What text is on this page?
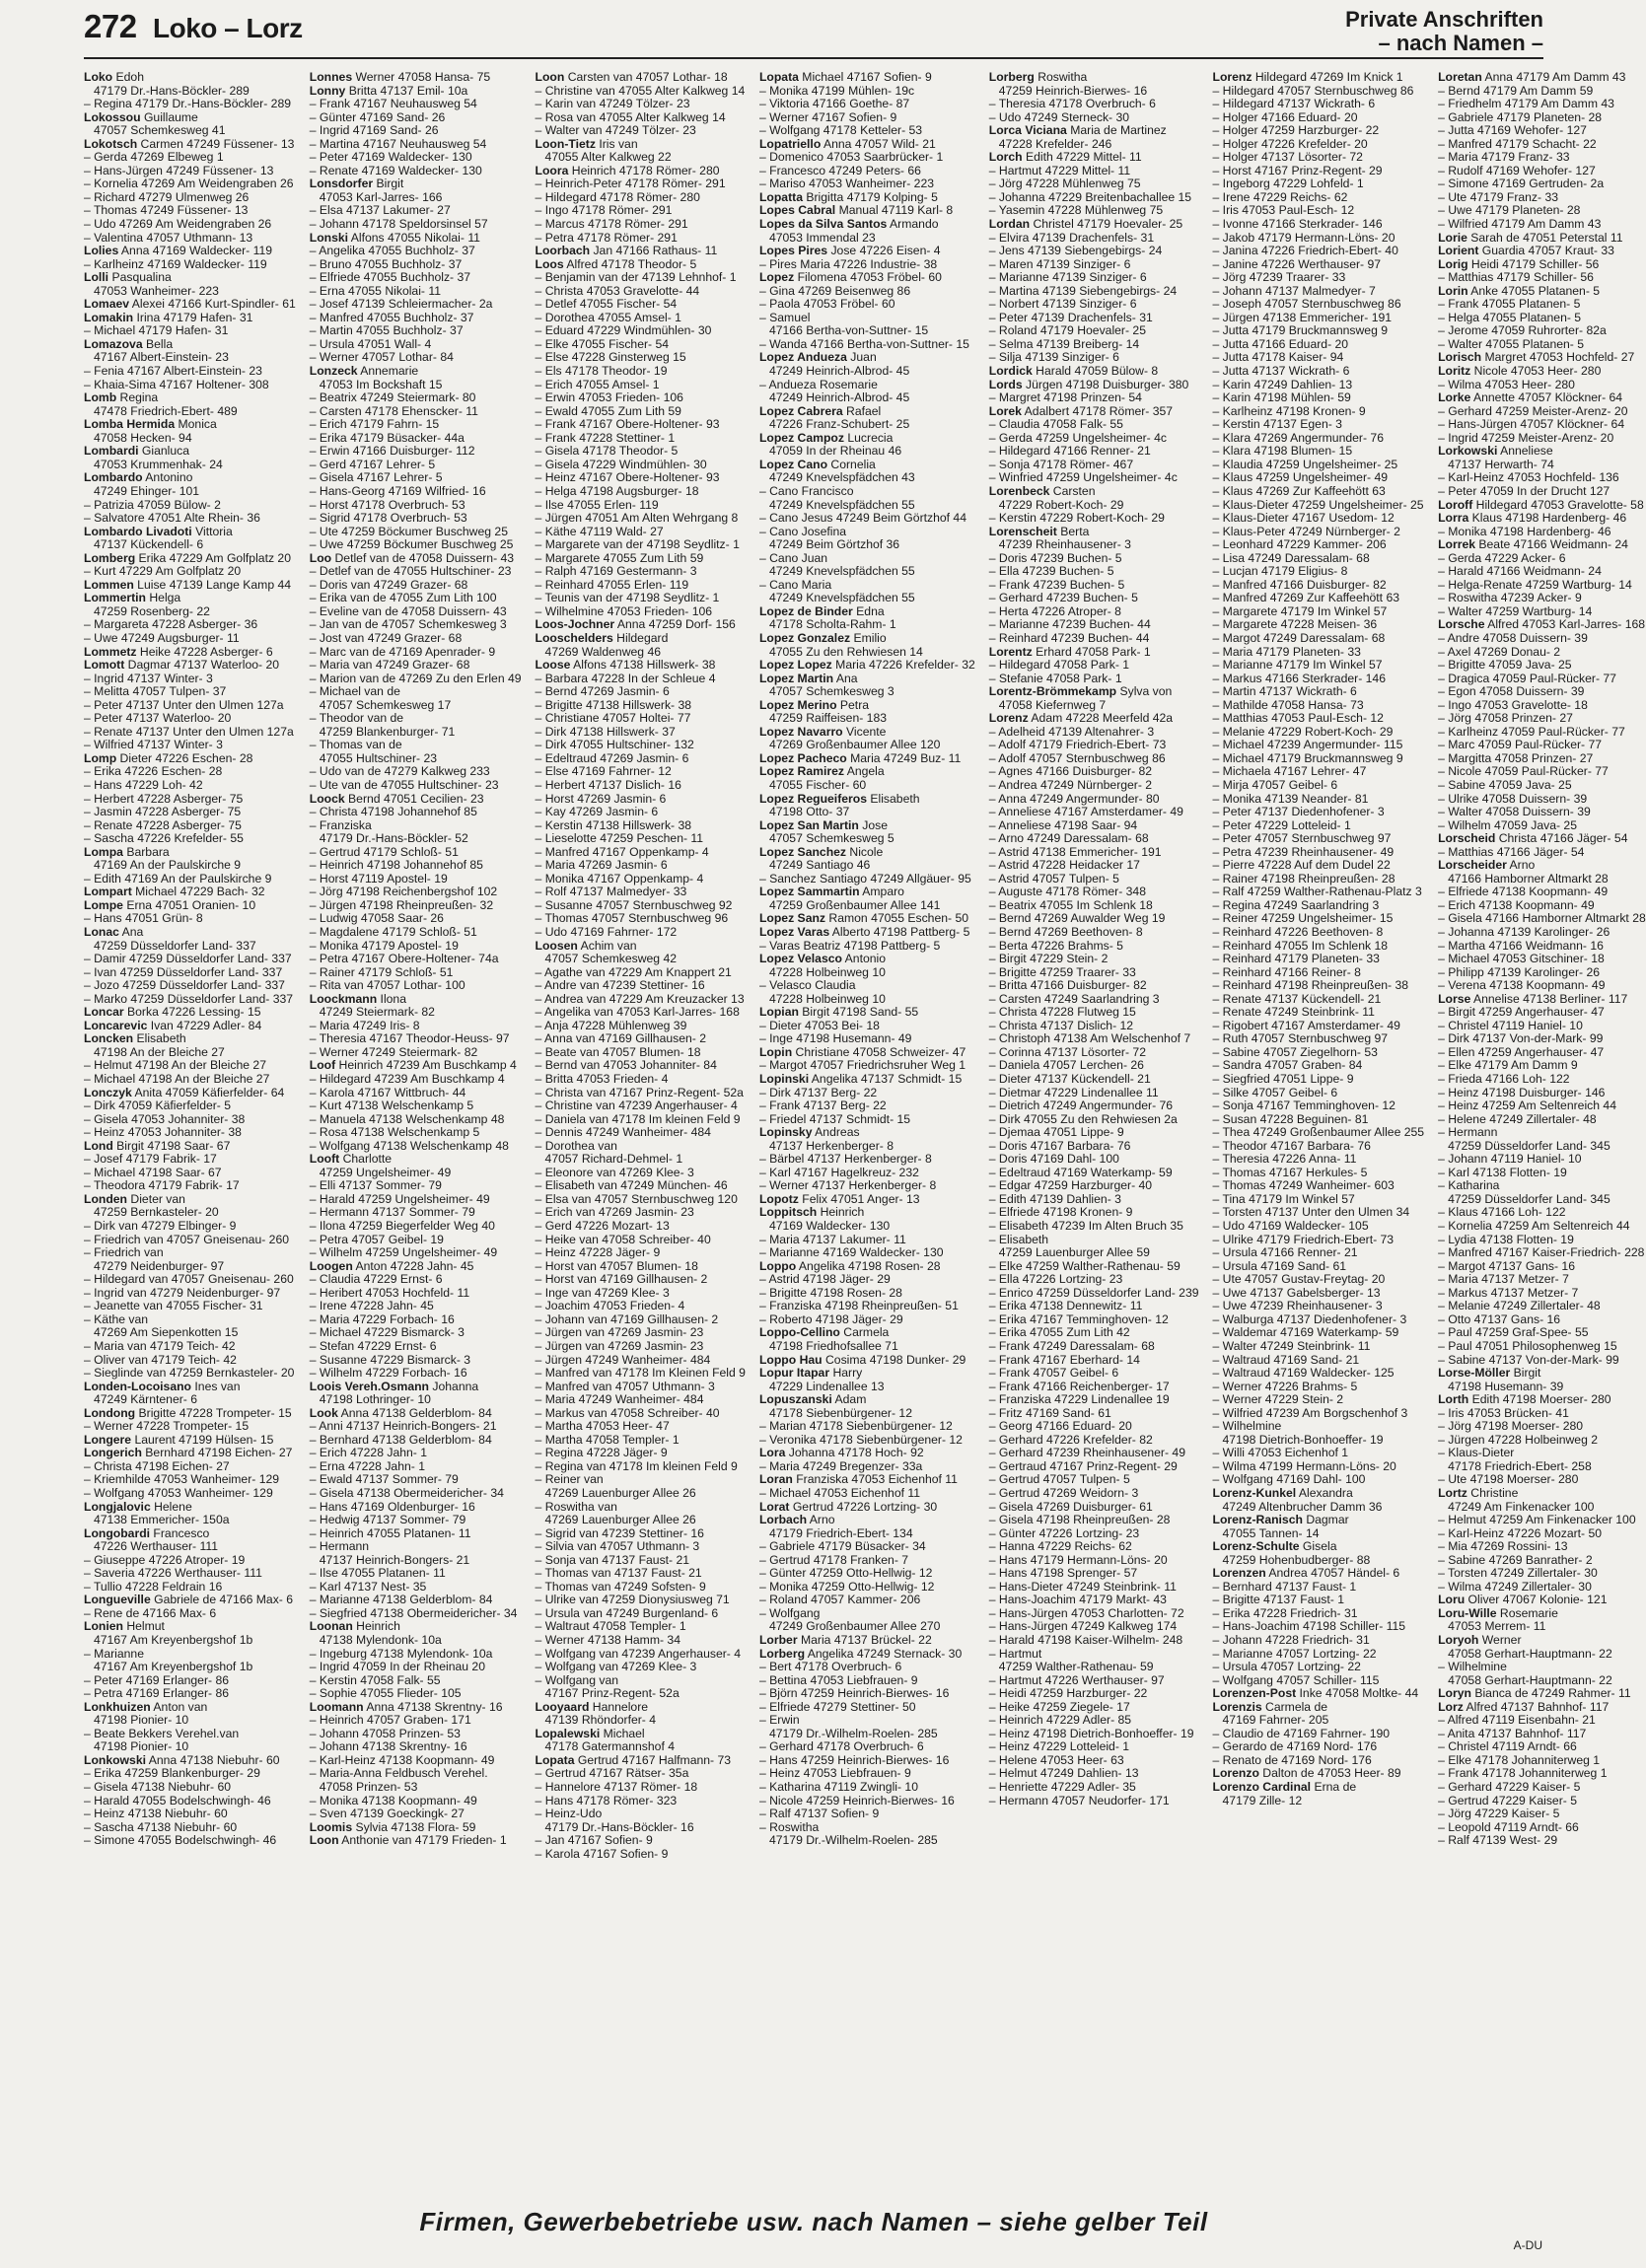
272 Loko – Lorz	Private Anschriften
– nach Namen –
Loko Edoh
47179 Dr.-Hans-Böckler- 289
– Regina 47179 Dr.-Hans-Böckler- 289
Lokossou Guillaume
47057 Schemkesweg 41
Lokotsch Carmen 47249 Füssener- 13
– Gerda 47269 Elbeweg 1
– Hans-Jürgen 47249 Füssener- 13
– Kornelia 47269 Am Weidengraben 26
– Richard 47279 Ulmenweg 26
– Thomas 47249 Füssener- 13
– Udo 47269 Am Weidengraben 26
– Valentina 47057 Uthmann- 13
Lolies Anna 47169 Waldecker- 119
– Karlheinz 47169 Waldecker- 119
Lolli Pasqualina
47053 Wanheimer- 223
Lomaev Alexei 47166 Kurt-Spindler- 61
Lomakin Irina 47179 Hafen- 31
– Michael 47179 Hafen- 31
Lomazova Bella
47167 Albert-Einstein- 23
– Fenia 47167 Albert-Einstein- 23
– Khaia-Sima 47167 Holtener- 308
Lomb Regina
47478 Friedrich-Ebert- 489
Lomba Hermida Monica
47058 Hecken- 94
Lombardi Gianluca
47053 Krummenhak- 24
Lombardo Antonino
47249 Ehinger- 101
– Patrizia 47059 Bülow- 2
– Salvatore 47051 Alte Rhein- 36
Lombardo Livadoti Vittoria
47137 Kückendell- 6
Lomberg Erika 47229 Am Golfplatz 20
– Kurt 47229 Am Golfplatz 20
Lommen Luise 47139 Lange Kamp 44
Lommertin Helga
47259 Rosenberg- 22
– Margareta 47228 Asberger- 36
– Uwe 47249 Augsburger- 11
Lommetz Heike 47228 Asberger- 6
Lomott Dagmar 47137 Waterloo- 20
– Ingrid 47137 Winter- 3
– Melitta 47057 Tulpen- 37
– Peter 47137 Unter den Ulmen 127a
– Peter 47137 Waterloo- 20
– Renate 47137 Unter den Ulmen 127a
– Wilfried 47137 Winter- 3
Lomp Dieter 47226 Eschen- 28
– Erika 47226 Eschen- 28
– Hans 47229 Loh- 42
– Herbert 47228 Asberger- 75
– Jasmin 47228 Asberger- 75
– Renate 47228 Asberger- 75
– Sascha 47226 Krefelder- 55
Lompa Barbara
47169 An der Paulskirche 9
– Edith 47169 An der Paulskirche 9
Lompart Michael 47229 Bach- 32
Lompe Erna 47051 Oranien- 10
– Hans 47051 Grün- 8
Lonac Ana
47259 Düsseldorfer Land- 337
– Damir 47259 Düsseldorfer Land- 337
– Ivan 47259 Düsseldorfer Land- 337
– Jozo 47259 Düsseldorfer Land- 337
– Marko 47259 Düsseldorfer Land- 337
Loncar Borka 47226 Lessing- 15
Loncarevic Ivan 47229 Adler- 84
Loncken Elisabeth
47198 An der Bleiche 27
– Helmut 47198 An der Bleiche 27
– Michael 47198 An der Bleiche 27
Lonczyk Anita 47059 Käfierfelder- 64
– Dirk 47059 Käfierfelder- 5
– Gisela 47053 Johanniter- 38
– Heinz 47053 Johanniter- 38
Lond Birgit 47198 Saar- 67
– Josef 47179 Fabrik- 17
– Michael 47198 Saar- 67
– Theodora 47179 Fabrik- 17
Londen Dieter van
47259 Bernkasteler- 20
– Dirk van 47279 Elbinger- 9
– Friedrich van 47057 Gneisenau- 260
– Friedrich van
47279 Neidenburger- 97
– Hildegard van 47057 Gneisenau- 260
– Ingrid van 47279 Neidenburger- 97
– Jeanette van 47055 Fischer- 31
– Käthe van
47269 Am Siepenkotten 15
– Maria van 47179 Teich- 42
– Oliver van 47179 Teich- 42
– Sieglinde van 47259 Bernkasteler- 20
Londen-Locoisano Ines van
47249 Kärntener- 6
Londong Brigitte 47228 Trompeter- 15
– Werner 47228 Trompeter- 15
Longere Laurent 47199 Hülsen- 15
Longerich Bernhard 47198 Eichen- 27
– Christa 47198 Eichen- 27
– Kriemhilde 47053 Wanheimer- 129
– Wolfgang 47053 Wanheimer- 129
Longjalovic Helene
47138 Emmericher- 150a
Longobardi Francesco
47226 Werthauser- 111
– Giuseppe 47226 Atroper- 19
– Saveria 47226 Werthauser- 111
– Tullio 47228 Feldrain 16
Longueville Gabriele de 47166 Max- 6
– Rene de 47166 Max- 6
Lonien Helmut
47167 Am Kreyenbergshof 1b
– Marianne
47167 Am Kreyenbergshof 1b
– Peter 47169 Erlanger- 86
– Petra 47169 Erlanger- 86
Lonkhuizen Anton van
47198 Pionier- 10
– Beate Bekkers Verehel.van
47198 Pionier- 10
Lonkowski Anna 47138 Niebuhr- 60
– Erika 47259 Blankenburger- 29
– Gisela 47138 Niebuhr- 60
– Harald 47055 Bodelschwingh- 46
– Heinz 47138 Niebuhr- 60
– Sascha 47138 Niebuhr- 60
– Simone 47055 Bodelschwingh- 46
Lonnes Werner 47058 Hansa- 75
Lonny Britta 47137 Emil- 10a
– Frank 47167 Neuhausweg 54
– Günter 47169 Sand- 26
– Ingrid 47169 Sand- 26
– Martina 47167 Neuhausweg 54
– Peter 47169 Waldecker- 130
– Renate 47169 Waldecker- 130
Lonsdorfer Birgit
47053 Karl-Jarres- 166
– Elsa 47137 Lakumer- 27
– Johann 47178 Speldorsinsel 57
Lonski Alfons 47055 Nikolai- 11
– Angelika 47055 Buchholz- 37
– Bruno 47055 Buchholz- 37
– Elfriede 47055 Buchholz- 37
– Erna 47055 Nikolai- 11
– Josef 47139 Schleiermacher- 2a
– Manfred 47055 Buchholz- 37
– Martin 47055 Buchholz- 37
– Ursula 47051 Wall- 4
– Werner 47057 Lothar- 84
Lonzeck Annemarie
47053 Im Bockshaft 15
– Beatrix 47249 Steiermark- 80
– Carsten 47178 Ehenscker- 11
– Erich 47179 Fahrn- 15
– Erika 47179 Büsacker- 44a
– Erwin 47166 Duisburger- 112
– Gerd 47167 Lehrer- 5
– Gisela 47167 Lehrer- 5
– Hans-Georg 47169 Wilfried- 16
– Horst 47178 Overbruch- 53
– Sigrid 47178 Overbruch- 53
– Ute 47259 Böckumer Buschweg 25
– Uwe 47259 Böckumer Buschweg 25
Loo Detlef van de 47058 Duissern- 43
– Detlef van de 47055 Hultschiner- 23
– Doris van 47249 Grazer- 68
– Erika van de 47055 Zum Lith 100
– Eveline van de 47058 Duissern- 43
– Jan van de 47057 Schemkesweg 3
– Jost van 47249 Grazer- 68
– Marc van de 47169 Apenrader- 9
– Maria van 47249 Grazer- 68
– Marion van de 47269 Zu den Erlen 49
– Michael van de
47057 Schemkesweg 17
– Theodor van de
47259 Blankenburger- 71
– Thomas van de
47055 Hultschiner- 23
– Udo van de 47279 Kalkweg 233
– Ute van de 47055 Hultschiner- 23
Loock Bernd 47051 Cecilien- 23
– Christa 47198 Johannehof 85
– Franziska
47179 Dr.-Hans-Böckler- 52
– Gertrud 47179 Schloß- 51
– Heinrich 47198 Johannehof 85
– Horst 47119 Apostel- 19
– Jörg 47198 Reichenbergshof 102
– Jürgen 47198 Rheinpreußen- 32
– Ludwig 47058 Saar- 26
– Magdalene 47179 Schloß- 51
– Monika 47179 Apostel- 19
– Petra 47167 Obere-Holtener- 74a
– Rainer 47179 Schloß- 51
– Rita van 47057 Lothar- 100
Loockmann Ilona
47249 Steiermark- 82
– Maria 47249 Iris- 8
– Theresia 47167 Theodor-Heuss- 97
– Werner 47249 Steiermark- 82
Loof Heinrich 47239 Am Buschkamp 4
– Hildegard 47239 Am Buschkamp 4
– Karola 47167 Wittbruch- 44
– Kurt 47138 Welschenkamp 5
– Manuela 47138 Welschenkamp 48
– Rosa 47138 Welschenkamp 5
– Wolfgang 47138 Welschenkamp 48
Looft Charlotte
47259 Ungelsheimer- 49
– Elli 47137 Sommer- 79
– Harald 47259 Ungelsheimer- 49
– Hermann 47137 Sommer- 79
– Ilona 47259 Biegerfelder Weg 40
– Petra 47057 Geibel- 19
– Wilhelm 47259 Ungelsheimer- 49
Loogen Anton 47228 Jahn- 45
– Claudia 47229 Ernst- 6
– Heribert 47053 Hochfeld- 11
– Irene 47228 Jahn- 45
– Maria 47229 Forbach- 16
– Michael 47229 Bismarck- 3
– Stefan 47229 Ernst- 6
– Susanne 47229 Bismarck- 3
– Wilhelm 47229 Forbach- 16
Loois Vereh.Osmann Johanna
47198 Lothringer- 10
Look Anna 47138 Gelderblom- 84
– Anni 47137 Heinrich-Bongers- 21
– Bernhard 47138 Gelderblom- 84
– Erich 47228 Jahn- 1
– Erna 47228 Jahn- 1
– Ewald 47137 Sommer- 79
– Gisela 47138 Obermeidericher- 34
– Hans 47169 Oldenburger- 16
– Hedwig 47137 Sommer- 79
– Heinrich 47055 Platanen- 11
– Hermann
47137 Heinrich-Bongers- 21
– Ilse 47055 Platanen- 11
– Karl 47137 Nest- 35
– Marianne 47138 Gelderblom- 84
– Siegfried 47138 Obermeidericher- 34
Loonan Heinrich
47138 Mylendonk- 10a
– Ingeburg 47138 Mylendonk- 10a
– Ingrid 47059 In der Rheinau 20
– Kerstin 47058 Falk- 55
– Sophie 47055 Flieder- 105
Loomann Anna 47138 Skrentny- 16
– Heinrich 47057 Graben- 171
– Johann 47058 Prinzen- 53
– Johann 47138 Skrentny- 16
– Karl-Heinz 47138 Koopmann- 49
– Maria-Anna Feldbusch Verehel.
47058 Prinzen- 53
– Monika 47138 Koopmann- 49
– Sven 47139 Goeckingk- 27
Loomis Sylvia 47138 Flora- 59
Loon Anthonie van 47179 Frieden- 1
Loon Carsten van 47057 Lothar- 18
– Christine van 47055 Alter Kalkweg 14
– Karin van 47249 Tölzer- 23
– Rosa van 47055 Alter Kalkweg 14
– Walter van 47249 Tölzer- 23
Loon-Tietz Iris van
47055 Alter Kalkweg 22
Loora Heinrich 47178 Römer- 280
– Heinrich-Peter 47178 Römer- 291
– Hildegard 47178 Römer- 280
– Ingo 47178 Römer- 291
– Marcus 47178 Römer- 291
– Petra 47178 Römer- 291
Loorbach Jan 47166 Rathaus- 11
Loos Alfred 47178 Theodor- 5
– Benjamin van der 47139 Lehnhof- 1
– Christa 47053 Gravelotte- 44
– Detlef 47055 Fischer- 54
– Dorothea 47055 Amsel- 1
– Eduard 47229 Windmühlen- 30
– Elke 47055 Fischer- 54
– Else 47228 Ginsterweg 15
– Els 47178 Theodor- 19
– Erich 47055 Amsel- 1
– Erwin 47053 Frieden- 106
– Ewald 47055 Zum Lith 59
– Frank 47167 Obere-Holtener- 93
– Frank 47228 Stettiner- 1
– Gisela 47178 Theodor- 5
– Gisela 47229 Windmühlen- 30
– Heinz 47167 Obere-Holtener- 93
– Helga 47198 Augsburger- 18
– Ilse 47055 Erlen- 119
– Jürgen 47051 Am Alten Wehrgang 8
– Käthe 47119 Wald- 27
– Margarete van der 47198 Seydlitz- 1
– Margarete 47055 Zum Lith 59
– Ralph 47169 Gestermann- 3
– Reinhard 47055 Erlen- 119
– Teunis van der 47198 Seydlitz- 1
– Wilhelmine 47053 Frieden- 106
Loos-Jochner Anna 47259 Dorf- 156
Looschelders Hildegard
47269 Waldenweg 46
Loose Alfons 47138 Hillswerk- 38
– Barbara 47228 In der Schleue 4
– Bernd 47269 Jasmin- 6
– Brigitte 47138 Hillswerk- 38
– Christiane 47057 Holtei- 77
– Dirk 47138 Hillswerk- 37
– Dirk 47055 Hultschiner- 132
– Edeltraud 47269 Jasmin- 6
– Else 47169 Fahrner- 12
– Herbert 47137 Dislich- 16
– Horst 47269 Jasmin- 6
– Kay 47269 Jasmin- 6
– Kerstin 47138 Hillswerk- 38
– Lieselotte 47259 Peschen- 11
– Manfred 47167 Oppenkamp- 4
– Maria 47269 Jasmin- 6
– Monika 47167 Oppenkamp- 4
– Rolf 47137 Malmedyer- 33
– Susanne 47057 Sternbuschweg 92
– Thomas 47057 Sternbuschweg 96
– Udo 47169 Fahrner- 172
Loosen Achim van
47057 Schemkesweg 42
– Agathe van 47229 Am Knappert 21
– Andre van 47239 Stettiner- 16
– Andrea van 47229 Am Kreuzacker 13
– Angelika van 47053 Karl-Jarres- 168
– Anja 47228 Mühlenweg 39
– Anna van 47169 Gillhausen- 2
– Beate van 47057 Blumen- 18
– Bernd van 47053 Johanniter- 84
– Britta 47053 Frieden- 4
– Christa van 47167 Prinz-Regent- 52a
– Christine van 47239 Angerhauser- 4
– Daniela van 47178 Im kleinen Feld 9
– Dennis 47249 Wanheimer- 484
– Dorothea van
47057 Richard-Dehmel- 1
– Eleonore van 47269 Klee- 3
– Elisabeth van 47249 München- 46
– Elsa van 47057 Sternbuschweg 120
– Erich van 47269 Jasmin- 23
– Gerd 47226 Mozart- 13
– Heike van 47058 Schreiber- 40
– Heinz 47228 Jäger- 9
– Horst van 47057 Blumen- 18
– Horst van 47169 Gillhausen- 2
– Inge van 47269 Klee- 3
– Joachim 47053 Frieden- 4
– Johann van 47169 Gillhausen- 2
– Jürgen van 47269 Jasmin- 23
– Jürgen van 47269 Jasmin- 23
– Jürgen 47249 Wanheimer- 484
– Manfred van 47178 Im Kleinen Feld 9
– Manfred van 47057 Uthmann- 3
– Maria 47249 Wanheimer- 484
– Markus van 47058 Schreiber- 40
– Martha 47053 Heer- 47
– Martha 47058 Templer- 1
– Regina 47228 Jäger- 9
– Regina van 47178 Im kleinen Feld 9
– Reiner van
47269 Lauenburger Allee 26
– Roswitha van
47269 Lauenburger Allee 26
– Sigrid van 47239 Stettiner- 16
– Silvia van 47057 Uthmann- 3
– Sonja van 47137 Faust- 21
– Thomas van 47137 Faust- 21
– Thomas van 47249 Sofsten- 9
– Ulrike van 47259 Dionysiusweg 71
– Ursula van 47249 Burgenland- 6
– Waltraut 47058 Templer- 1
– Werner 47138 Hamm- 34
– Wolfgang van 47239 Angerhauser- 4
– Wolfgang van 47269 Klee- 3
– Wolfgang van
47167 Prinz-Regent- 52a
Looyaard Hannelore
47139 Rhöndorfer- 4
Lopalewski Michael
47178 Gatermannshof 4
Lopata Gertrud 47167 Halfmann- 73
– Gertrud 47167 Rätser- 35a
– Hannelore 47137 Römer- 18
– Hans 47178 Römer- 323
– Heinz-Udo
47179 Dr.-Hans-Böckler- 16
– Jan 47167 Sofien- 9
– Karola 47167 Sofien- 9
Lopata Michael 47167 Sofien- 9
– Monika 47199 Mühlen- 19c
– Viktoria 47166 Goethe- 87
– Werner 47167 Sofien- 9
– Wolfgang 47178 Ketteler- 53
Lopatriello Anna 47057 Wild- 21
– Domenico 47053 Saarbrücker- 1
– Francesco 47249 Peters- 66
– Mariso 47053 Wanheimer- 223
Lopatta Brigitta 47179 Kolping- 5
Lopes Cabral Manual 47119 Karl- 8
Lopes da Silva Santos Armando
47053 Immendal 23
Lopes Pires Jose 47226 Eisen- 4
– Pires Maria 47226 Industrie- 38
Lopez Filomena 47053 Fröbel- 60
– Gina 47269 Beisenweg 86
– Paola 47053 Fröbel- 60
– Samuel
47166 Bertha-von-Suttner- 15
– Wanda 47166 Bertha-von-Suttner- 15
Lopez Andueza Juan
47249 Heinrich-Albrod- 45
– Andueza Rosemarie
47249 Heinrich-Albrod- 45
Lopez Cabrera Rafael
47226 Franz-Schubert- 25
Lopez Campoz Lucrecia
47059 In der Rheinau 46
Lopez Cano Cornelia
47249 Knevelspfädchen 43
– Cano Francisco
47249 Knevelspfädchen 55
– Cano Jesus 47249 Beim Görtzhof 44
– Cano Josefina
47249 Beim Görtzhof 36
– Cano Juan
47249 Knevelspfädchen 55
– Cano Maria
47249 Knevelspfädchen 55
Lopez de Binder Edna
47178 Scholta-Rahm- 1
Lopez Gonzalez Emilio
47055 Zu den Rehwiesen 14
Lopez Lopez Maria 47226 Krefelder- 32
Lopez Martin Ana
47057 Schemkesweg 3
Lopez Merino Petra
47259 Raiffeisen- 183
Lopez Navarro Vicente
47269 Großenbaumer Allee 120
Lopez Pacheco Maria 47249 Buz- 11
Lopez Ramirez Angela
47055 Fischer- 60
Lopez Regueiferos Elisabeth
47198 Otto- 37
Lopez San Martin Jose
47057 Schemkesweg 5
Lopez Sanchez Nicole
47249 Santiago 46
– Sanchez Santiago 47249 Allgäuer- 95
Lopez Sammartin Amparo
47259 Großenbaumer Allee 141
Lopez Sanz Ramon 47055 Eschen- 50
Lopez Varas Alberto 47198 Pattberg- 5
– Varas Beatriz 47198 Pattberg- 5
Lopez Velasco Antonio
47228 Holbeinweg 10
– Velasco Claudia
47228 Holbeinweg 10
Lopian Birgit 47198 Sand- 55
– Dieter 47053 Bei- 18
– Inge 47198 Husemann- 49
Lopin Christiane 47058 Schweizer- 47
– Margot 47057 Friedrichsruher Weg 1
Lopinski Angelika 47137 Schmidt- 15
– Dirk 47137 Berg- 22
– Frank 47137 Berg- 22
– Friedel 47137 Schmidt- 15
Lopinsky Andreas
47137 Herkenberger- 8
– Bärbel 47137 Herkenberger- 8
– Karl 47167 Hagelkreuz- 232
– Werner 47137 Herkenberger- 8
Lopotz Felix 47051 Anger- 13
Loppitsch Heinrich
47169 Waldecker- 130
– Maria 47137 Lakumer- 11
– Marianne 47169 Waldecker- 130
Loppo Angelika 47198 Rosen- 28
– Astrid 47198 Jäger- 29
– Brigitte 47198 Rosen- 28
– Franziska 47198 Rheinpreußen- 51
– Roberto 47198 Jäger- 29
Loppo-Cellino Carmela
47198 Friedhofsallee 71
Loppo Hau Cosima 47198 Dunker- 29
Lopur Itapar Harry
47229 Lindenallee 13
Lopuszanski Adam
47178 Siebenbürgener- 12
– Marian 47178 Siebenbürgener- 12
– Veronika 47178 Siebenbürgener- 12
Lora Johanna 47178 Hoch- 92
– Maria 47249 Bregenzer- 33a
Loran Franziska 47053 Eichenhof 11
– Michael 47053 Eichenhof 11
Lorat Gertrud 47226 Lortzing- 30
Lorbach Arno
47179 Friedrich-Ebert- 134
– Gabriele 47179 Büsacker- 34
– Gertrud 47178 Franken- 7
– Günter 47259 Otto-Hellwig- 12
– Monika 47259 Otto-Hellwig- 12
– Roland 47057 Kammer- 206
– Wolfgang
47249 Großenbaumer Allee 270
Lorber Maria 47137 Brückel- 22
Lorberg Angelika 47249 Sternack- 30
– Bert 47178 Overbruch- 6
– Bettina 47053 Liebfrauen- 9
– Björn 47259 Heinrich-Bierwes- 16
– Elfriede 47279 Stettiner- 50
– Erwin
47179 Dr.-Wilhelm-Roelen- 285
– Gerhard 47178 Overbruch- 6
– Hans 47259 Heinrich-Bierwes- 16
– Heinz 47053 Liebfrauen- 9
– Katharina 47119 Zwingli- 10
– Nicole 47259 Heinrich-Bierwes- 16
– Ralf 47137 Sofien- 9
– Roswitha
47179 Dr.-Wilhelm-Roelen- 285
Lorberg Roswitha
47259 Heinrich-Bierwes- 16
– Theresia 47178 Overbruch- 6
– Udo 47249 Sterneck- 30
Lorca Viciana Maria de Martinez
47228 Krefelder- 246
Lorch Edith 47229 Mittel- 11
– Hartmut 47229 Mittel- 11
– Jörg 47228 Mühlenweg 75
– Johanna 47229 Breitenbachallee 15
– Yasemin 47228 Mühlenweg 75
Lordan Christel 47179 Hoevaler- 25
– Elvira 47139 Drachenfels- 31
– Jens 47139 Siebengebirgs- 24
– Maren 47139 Sinziger- 6
– Marianne 47139 Sinziger- 6
– Martina 47139 Siebengebirgs- 24
– Norbert 47139 Sinziger- 6
– Peter 47139 Drachenfels- 31
– Roland 47179 Hoevaler- 25
– Selma 47139 Breiberg- 14
– Silja 47139 Sinziger- 6
Lordick Harald 47059 Bülow- 8
Lords Jürgen 47198 Duisburger- 380
– Margret 47198 Prinzen- 54
Lorek Adalbert 47178 Römer- 357
– Claudia 47058 Falk- 55
– Gerda 47259 Ungelsheimer- 4c
– Hildegard 47166 Renner- 21
– Sonja 47178 Römer- 467
– Winfried 47259 Ungelsheimer- 4c
Lorenbeck Carsten
47229 Robert-Koch- 29
– Kerstin 47229 Robert-Koch- 29
Lorenscheit Berta
47239 Rheinhausener- 3
– Doris 47239 Buchen- 5
– Ella 47239 Buchen- 5
– Frank 47239 Buchen- 5
– Gerhard 47239 Buchen- 5
– Herta 47226 Atroper- 8
– Marianne 47239 Buchen- 44
– Reinhard 47239 Buchen- 44
Lorentz Erhard 47058 Park- 1
– Hildegard 47058 Park- 1
– Stefanie 47058 Park- 1
Lorentz-Brömmekamp Sylva von
47058 Kiefernweg 7
Lorenz Adam 47228 Meerfeld 42a
– Adelheid 47139 Altenahrer- 3
– Adolf 47179 Friedrich-Ebert- 73
– Adolf 47057 Sternbuschweg 86
– Agnes 47166 Duisburger- 82
– Andrea 47249 Nürnberger- 2
– Anna 47249 Angermunder- 80
– Anneliese 47167 Amsterdamer- 49
– Anneliese 47198 Saar- 94
– Arno 47249 Daressalam- 68
– Astrid 47138 Emmericher- 191
– Astrid 47228 Heidacker 17
– Astrid 47057 Tulpen- 5
– Auguste 47178 Römer- 348
– Beatrix 47055 Im Schlenk 18
– Bernd 47269 Auwalder Weg 19
– Bernd 47269 Beethoven- 8
– Berta 47226 Brahms- 5
– Birgit 47229 Stein- 2
– Brigitte 47259 Traarer- 33
– Britta 47166 Duisburger- 82
– Carsten 47249 Saarlandring 3
– Christa 47228 Flutweg 15
– Christa 47137 Dislich- 12
– Christoph 47138 Am Welschenhof 7
– Corinna 47137 Lösorter- 72
– Daniela 47057 Lerchen- 26
– Dieter 47137 Kückendell- 21
– Dietmar 47229 Lindenallee 11
– Dietrich 47249 Angermunder- 76
– Dirk 47055 Zu den Rehwiesen 2a
– Djemaa 47051 Lippe- 9
– Doris 47167 Barbara- 76
– Doris 47169 Dahl- 100
– Edeltraud 47169 Waterkamp- 59
– Edgar 47259 Harzburger- 40
– Edith 47139 Dahlien- 3
– Elfriede 47198 Kronen- 9
– Elisabeth 47239 Im Alten Bruch 35
– Elisabeth
47259 Lauenburger Allee 59
– Elke 47259 Walther-Rathenau- 59
– Ella 47226 Lortzing- 23
– Enrico 47259 Düsseldorfer Land- 239
– Erika 47138 Dennewitz- 11
– Erika 47167 Temminghoven- 12
– Erika 47055 Zum Lith 42
– Frank 47249 Daressalam- 68
– Frank 47167 Eberhard- 14
– Frank 47057 Geibel- 6
– Frank 47166 Reichenberger- 17
– Franziska 47229 Lindenallee 19
– Fritz 47169 Sand- 61
– Georg 47166 Eduard- 20
– Gerhard 47226 Krefelder- 82
– Gerhard 47239 Rheinhausener- 49
– Gertraud 47167 Prinz-Regent- 29
– Gertrud 47057 Tulpen- 5
– Gertrud 47269 Weidorn- 3
– Gisela 47269 Duisburger- 61
– Gisela 47198 Rheinpreußen- 28
– Günter 47226 Lortzing- 23
– Hanna 47229 Reichs- 62
– Hans 47179 Hermann-Löns- 20
– Hans 47198 Sprenger- 57
– Hans-Dieter 47249 Steinbrink- 11
– Hans-Joachim 47179 Markt- 43
– Hans-Jürgen 47053 Charlotten- 72
– Hans-Jürgen 47249 Kalkweg 174
– Harald 47198 Kaiser-Wilhelm- 248
– Hartmut
47259 Walther-Rathenau- 59
– Hartmut 47226 Werthauser- 97
– Heidi 47259 Harzburger- 22
– Heike 47259 Ziegele- 17
– Heinrich 47229 Adler- 85
– Heinz 47198 Dietrich-Bonhoeffer- 19
– Heinz 47229 Lotteleid- 1
– Helene 47053 Heer- 63
– Helmut 47249 Dahlien- 13
– Henriette 47229 Adler- 35
– Hermann 47057 Neudorfer- 171
Lorenz Hildegard 47269 Im Knick 1
– Hildegard 47057 Sternbuschweg 86
– Hildegard 47137 Wickrath- 6
– Holger 47166 Eduard- 20
– Holger 47259 Harzburger- 22
– Holger 47226 Krefelder- 20
– Holger 47137 Lösorter- 72
– Horst 47167 Prinz-Regent- 29
– Ingeborg 47229 Lohfeld- 1
– Irene 47229 Reichs- 62
– Iris 47053 Paul-Esch- 12
– Ivonne 47166 Sterkrader- 146
– Jakob 47179 Hermann-Löns- 20
– Janina 47226 Friedrich-Ebert- 40
– Janine 47226 Werthauser- 97
– Jörg 47239 Traarer- 33
– Johann 47137 Malmedyer- 7
– Joseph 47057 Sternbuschweg 86
– Jürgen 47138 Emmericher- 191
– Jutta 47179 Bruckmannsweg 9
– Jutta 47166 Eduard- 20
– Jutta 47178 Kaiser- 94
– Jutta 47137 Wickrath- 6
– Karin 47249 Dahlien- 13
– Karin 47198 Mühlen- 59
– Karlheinz 47198 Kronen- 9
– Kerstin 47137 Egen- 3
– Klara 47269 Angermunder- 76
– Klara 47198 Blumen- 15
– Klaudia 47259 Ungelsheimer- 25
– Klaus 47259 Ungelsheimer- 49
– Klaus 47269 Zur Kaffeehött 63
– Klaus-Dieter 47259 Ungelsheimer- 25
– Klaus-Dieter 47167 Usedom- 12
– Klaus-Peter 47249 Nürnberger- 2
– Leonhard 47229 Kammer- 206
– Lisa 47249 Daressalam- 68
– Lucjan 47179 Eligius- 8
– Manfred 47166 Duisburger- 82
– Manfred 47269 Zur Kaffeehött 63
– Margarete 47179 Im Winkel 57
– Margarete 47228 Meisen- 36
– Margot 47249 Daressalam- 68
– Maria 47179 Planeten- 33
– Marianne 47179 Im Winkel 57
– Markus 47166 Sterkrader- 146
– Martin 47137 Wickrath- 6
– Mathilde 47058 Hansa- 73
– Matthias 47053 Paul-Esch- 12
– Melanie 47229 Robert-Koch- 29
– Michael 47239 Angermunder- 115
– Michael 47179 Bruckmannsweg 9
– Michaela 47167 Lehrer- 47
– Mirja 47057 Geibel- 6
– Monika 47139 Neander- 81
– Peter 47137 Diedenhofener- 3
– Peter 47229 Lotteleid- 1
– Peter 47057 Sternbuschweg 97
– Petra 47239 Rheinhausener- 49
– Pierre 47228 Auf dem Dudel 22
– Rainer 47198 Rheinpreußen- 28
– Ralf 47259 Walther-Rathenau-Platz 3
– Regina 47249 Saarlandring 3
– Reiner 47259 Ungelsheimer- 15
– Reinhard 47226 Beethoven- 8
– Reinhard 47055 Im Schlenk 18
– Reinhard 47179 Planeten- 33
– Reinhard 47166 Reiner- 8
– Reinhard 47198 Rheinpreußen- 38
– Renate 47137 Kückendell- 21
– Renate 47249 Steinbrink- 11
– Rigobert 47167 Amsterdamer- 49
– Ruth 47057 Sternbuschweg 97
– Sabine 47057 Ziegelhorn- 53
– Sandra 47057 Graben- 84
– Siegfried 47051 Lippe- 9
– Silke 47057 Geibel- 6
– Sonja 47167 Temminghoven- 12
– Susan 47228 Beguinen- 81
– Thea 47249 Großenbaumer Allee 255
– Theodor 47167 Barbara- 76
– Theresia 47226 Anna- 11
– Thomas 47167 Herkules- 5
– Thomas 47249 Wanheimer- 603
– Tina 47179 Im Winkel 57
– Torsten 47137 Unter den Ulmen 34
– Udo 47169 Waldecker- 105
– Ulrike 47179 Friedrich-Ebert- 73
– Ursula 47166 Renner- 21
– Ursula 47169 Sand- 61
– Ute 47057 Gustav-Freytag- 20
– Uwe 47137 Gabelsberger- 13
– Uwe 47239 Rheinhausener- 3
– Walburga 47137 Diedenhofener- 3
– Waldemar 47169 Waterkamp- 59
– Walter 47249 Steinbrink- 11
– Waltraud 47169 Sand- 21
– Waltraud 47169 Waldecker- 125
– Werner 47226 Brahms- 5
– Werner 47229 Stein- 2
– Wilfried 47239 Am Borgschenhof 3
– Wilhelmine
47198 Dietrich-Bonhoeffer- 19
– Willi 47053 Eichenhof 1
– Wilma 47199 Hermann-Löns- 20
– Wolfgang 47169 Dahl- 100
Lorenz-Kunkel Alexandra
47249 Altenbrucher Damm 36
Lorenz-Ranisch Dagmar
47055 Tannen- 14
Lorenz-Schulte Gisela
47259 Hohenbudberger- 88
Lorenzen Andrea 47057 Händel- 6
– Bernhard 47137 Faust- 1
– Brigitte 47137 Faust- 1
– Erika 47228 Friedrich- 31
– Hans-Joachim 47198 Schiller- 115
– Johann 47228 Friedrich- 31
– Marianne 47057 Lortzing- 22
– Ursula 47057 Lortzing- 22
– Wolfgang 47057 Schiller- 115
Lorenzen-Post Inke 47058 Moltke- 44
Lorenzis Carmela de
47169 Fahrner- 205
– Claudio de 47169 Fahrner- 190
– Gerardo de 47169 Nord- 176
– Renato de 47169 Nord- 176
Lorenzo Dalton de 47053 Heer- 89
Lorenzo Cardinal Erna de
47179 Zille- 12
Loretan Anna 47179 Am Damm 43
– Bernd 47179 Am Damm 59
– Friedhelm 47179 Am Damm 43
– Gabriele 47179 Planeten- 28
– Jutta 47169 Wehofer- 127
– Manfred 47179 Schacht- 22
– Maria 47179 Franz- 33
– Rudolf 47169 Wehofer- 127
– Simone 47169 Gertruden- 2a
– Ute 47179 Franz- 33
– Uwe 47179 Planeten- 28
– Wilfried 47179 Am Damm 43
Lorie Sarah de 47051 Peterstal 11
Lorient Guardia 47057 Kraut- 33
Lorig Heidi 47179 Schiller- 56
– Matthias 47179 Schiller- 56
Lorin Anke 47055 Platanen- 5
– Frank 47055 Platanen- 5
– Helga 47055 Platanen- 5
– Jerome 47059 Ruhrorter- 82a
– Walter 47055 Platanen- 5
Lorisch Margret 47053 Hochfeld- 27
Loritz Nicole 47053 Heer- 280
– Wilma 47053 Heer- 280
Lorke Annette 47057 Klöckner- 64
– Gerhard 47259 Meister-Arenz- 20
– Hans-Jürgen 47057 Klöckner- 64
– Ingrid 47259 Meister-Arenz- 20
Lorkowski Anneliese
47137 Herwarth- 74
– Karl-Heinz 47053 Hochfeld- 136
– Peter 47059 In der Drucht 127
Loroff Hildegard 47053 Gravelotte- 58
Lorra Klaus 47198 Hardenberg- 46
– Monika 47198 Hardenberg- 46
Lorrek Beate 47166 Weidmann- 24
– Gerda 47229 Acker- 6
– Harald 47166 Weidmann- 24
– Helga-Renate 47259 Wartburg- 14
– Roswitha 47239 Acker- 9
– Walter 47259 Wartburg- 14
Lorsche Alfred 47053 Karl-Jarres- 168
– Andre 47058 Duissern- 39
– Axel 47269 Donau- 2
– Brigitte 47059 Java- 25
– Dragica 47059 Paul-Rücker- 77
– Egon 47058 Duissern- 39
– Ingo 47053 Gravelotte- 18
– Jörg 47058 Prinzen- 27
– Karlheinz 47059 Paul-Rücker- 77
– Marc 47059 Paul-Rücker- 77
– Margitta 47058 Prinzen- 27
– Nicole 47059 Paul-Rücker- 77
– Sabine 47059 Java- 25
– Ulrike 47058 Duissern- 39
– Walter 47058 Duissern- 39
– Wilhelm 47059 Java- 25
Lorscheid Christa 47166 Jäger- 54
– Matthias 47166 Jäger- 54
Lorscheider Arno
47166 Hamborner Altmarkt 28
– Elfriede 47138 Koopmann- 49
– Erich 47138 Koopmann- 49
– Gisela 47166 Hamborner Altmarkt 28
– Johanna 47139 Karolinger- 26
– Martha 47166 Weidmann- 16
– Michael 47053 Gitschiner- 18
– Philipp 47139 Karolinger- 26
– Verena 47138 Koopmann- 49
Lorse Annelise 47138 Berliner- 117
– Birgit 47259 Angerhauser- 47
– Christel 47119 Haniel- 10
– Dirk 47137 Von-der-Mark- 99
– Ellen 47259 Angerhauser- 47
– Elke 47179 Am Damm 9
– Frieda 47166 Loh- 122
– Heinz 47198 Duisburger- 146
– Heinz 47259 Am Seltenreich 44
– Helene 47249 Zillertaler- 48
– Hermann
47259 Düsseldorfer Land- 345
– Johann 47119 Haniel- 10
– Karl 47138 Flotten- 19
– Katharina
47259 Düsseldorfer Land- 345
– Klaus 47166 Loh- 122
– Kornelia 47259 Am Seltenreich 44
– Lydia 47138 Flotten- 19
– Manfred 47167 Kaiser-Friedrich- 228
– Margot 47137 Gans- 16
– Maria 47137 Metzer- 7
– Markus 47137 Metzer- 7
– Melanie 47249 Zillertaler- 48
– Otto 47137 Gans- 16
– Paul 47259 Graf-Spee- 55
– Paul 47051 Philosophenweg 15
– Sabine 47137 Von-der-Mark- 99
Lorse-Möller Birgit
47198 Husemann- 39
Lorth Edith 47198 Moerser- 280
– Iris 47053 Brücken- 41
– Jörg 47198 Moerser- 280
– Jürgen 47228 Holbeinweg 2
– Klaus-Dieter
47178 Friedrich-Ebert- 258
– Ute 47198 Moerser- 280
Lortz Christine
47249 Am Finkenacker 100
– Helmut 47259 Am Finkenacker 100
– Karl-Heinz 47226 Mozart- 50
– Mia 47269 Rossini- 13
– Sabine 47269 Banrather- 2
– Torsten 47249 Zillertaler- 30
– Wilma 47249 Zillertaler- 30
Loru Oliver 47067 Kolonie- 121
Loru-Wille Rosemarie
47053 Merrem- 11
Loryoh Werner
47058 Gerhart-Hauptmann- 22
– Wilhelmine
47058 Gerhart-Hauptmann- 22
Loryn Bianca de 47249 Rahmer- 11
Lorz Alfred 47137 Bahnhof- 117
– Alfred 47119 Eisenbahn- 21
– Anita 47137 Bahnhof- 117
– Christel 47119 Arndt- 66
– Elke 47178 Johanniterweg 1
– Frank 47178 Johanniterweg 1
– Gerhard 47229 Kaiser- 5
– Gertrud 47229 Kaiser- 5
– Jörg 47229 Kaiser- 5
– Leopold 47119 Arndt- 66
– Ralf 47139 West- 29
Firmen, Gewerbebetriebe usw. nach Namen – siehe gelber Teil
A-DU
